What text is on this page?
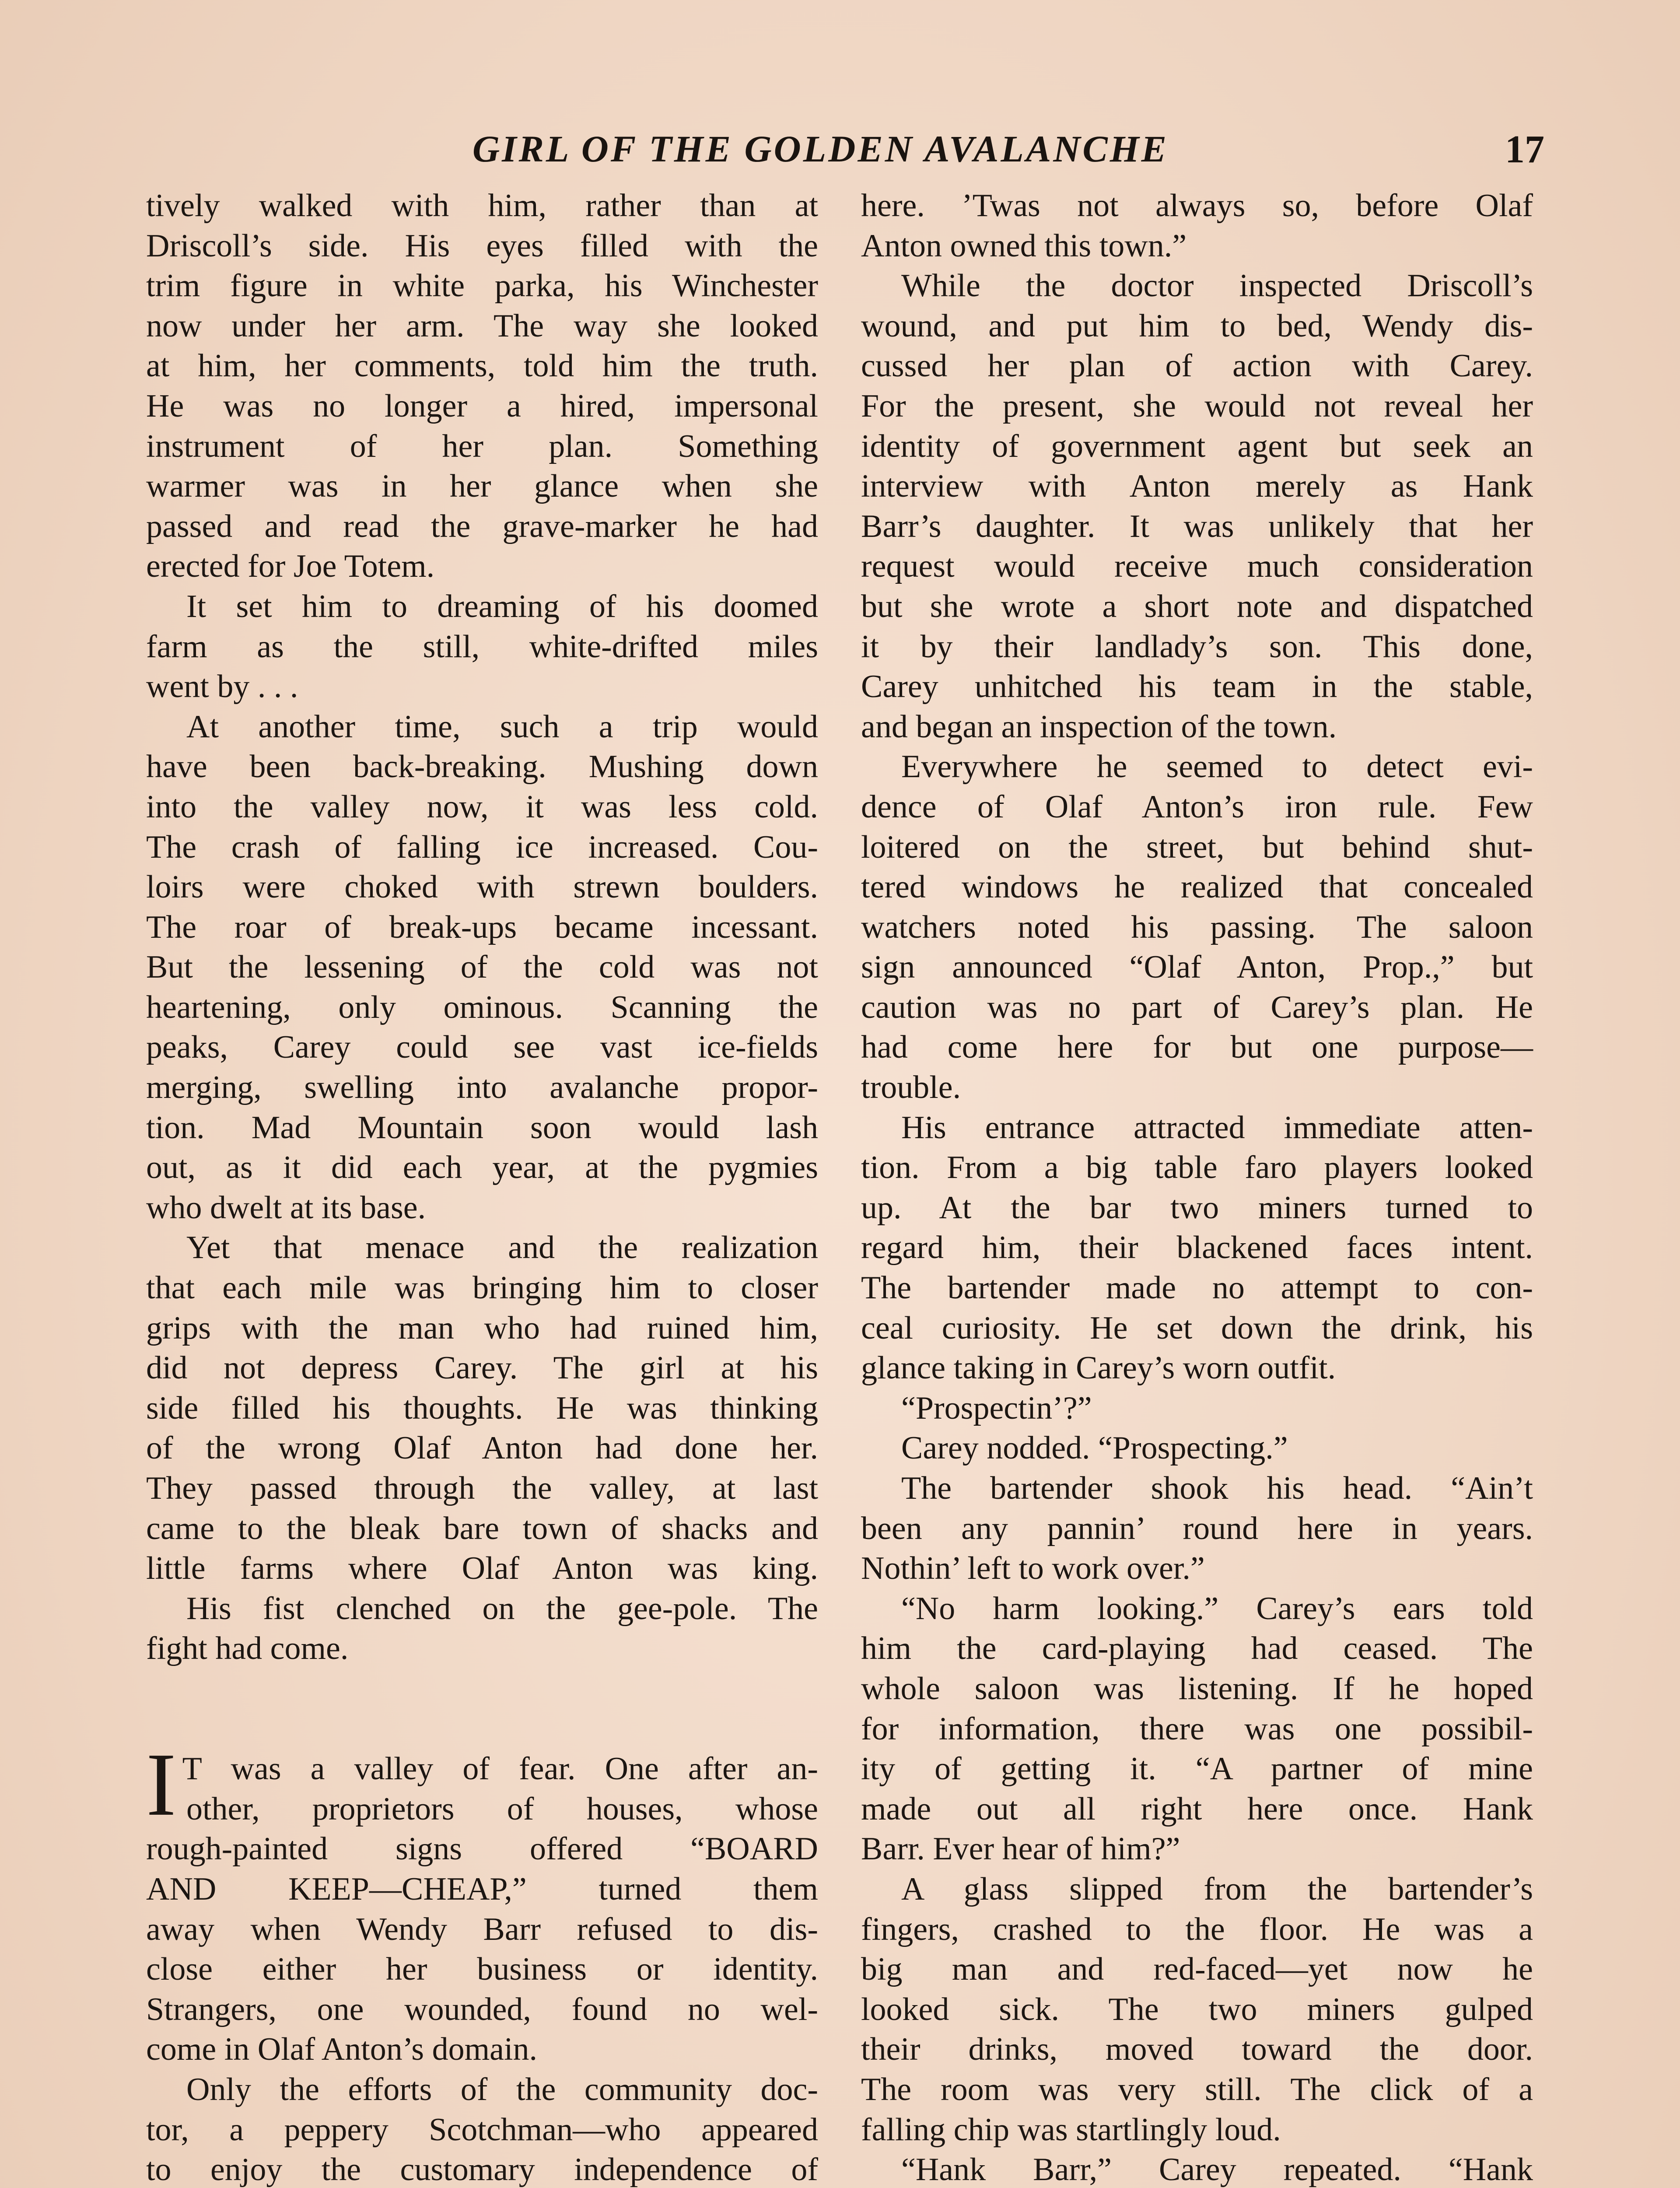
GIRL OF THE GOLDEN AVALANCHE	17
tively walked with him, rather than at
Driscoll’s side. His eyes filled with the
trim figure in white parka, his Winchester
now under her arm. The way she looked
at him, her comments, told him the truth.
He was no longer a hired, impersonal
instrument of her plan. Something
warmer was in her glance when she
passed and read the grave-marker he had
erected for Joe Totem.
It set him to dreaming of his doomed
farm as the still, white-drifted miles
went by . . .
At another time, such a trip would
have been back-breaking. Mushing down
into the valley now, it was less cold.
The crash of falling ice increased. Cou-
loirs were choked with strewn boulders.
The roar of break-ups became incessant.
But the lessening of the cold was not
heartening, only ominous. Scanning the
peaks, Carey could see vast ice-fields
merging, swelling into avalanche propor-
tion. Mad Mountain soon would lash
out, as it did each year, at the pygmies
who dwelt at its base.
Yet that menace and the realization
that each mile was bringing him to closer
grips with the man who had ruined him,
did not depress Carey. The girl at his
side filled his thoughts. He was thinking
of the wrong Olaf Anton had done her.
They passed through the valley, at last
came to the bleak bare town of shacks and
little farms where Olaf Anton was king.
His fist clenched on the gee-pole. The
fight had come.
IT was a valley of fear. One after an-
other, proprietors of houses, whose
rough-painted signs offered “BOARD
AND KEEP—CHEAP,” turned them
away when Wendy Barr refused to dis-
close either her business or identity.
Strangers, one wounded, found no wel-
come in Olaf Anton’s domain.
Only the efforts of the community doc-
tor, a peppery Scotchman—who appeared
to enjoy the customary independence of
here. ’Twas not always so, before Olaf
Anton owned this town.”
While the doctor inspected Driscoll’s
wound, and put him to bed, Wendy dis-
cussed her plan of action with Carey.
For the present, she would not reveal her
identity of government agent but seek an
interview with Anton merely as Hank
Barr’s daughter. It was unlikely that her
request would receive much consideration
but she wrote a short note and dispatched
it by their landlady’s son. This done,
Carey unhitched his team in the stable,
and began an inspection of the town.
Everywhere he seemed to detect evi-
dence of Olaf Anton’s iron rule. Few
loitered on the street, but behind shut-
tered windows he realized that concealed
watchers noted his passing. The saloon
sign announced “Olaf Anton, Prop.,” but
caution was no part of Carey’s plan. He
had come here for but one purpose—
trouble.
His entrance attracted immediate atten-
tion. From a big table faro players looked
up. At the bar two miners turned to
regard him, their blackened faces intent.
The bartender made no attempt to con-
ceal curiosity. He set down the drink, his
glance taking in Carey’s worn outfit.
“Prospectin’?”
Carey nodded. “Prospecting.”
The bartender shook his head. “Ain’t
been any pannin’ round here in years.
Nothin’ left to work over.”
“No harm looking.” Carey’s ears told
him the card-playing had ceased. The
whole saloon was listening. If he hoped
for information, there was one possibil-
ity of getting it. “A partner of mine
made out all right here once. Hank
Barr. Ever hear of him?”
A glass slipped from the bartender’s
fingers, crashed to the floor. He was a
big man and red-faced—yet now he
looked sick. The two miners gulped
their drinks, moved toward the door.
The room was very still. The click of a
falling chip was startlingly loud.
“Hank Barr,” Carey repeated. “Hank
